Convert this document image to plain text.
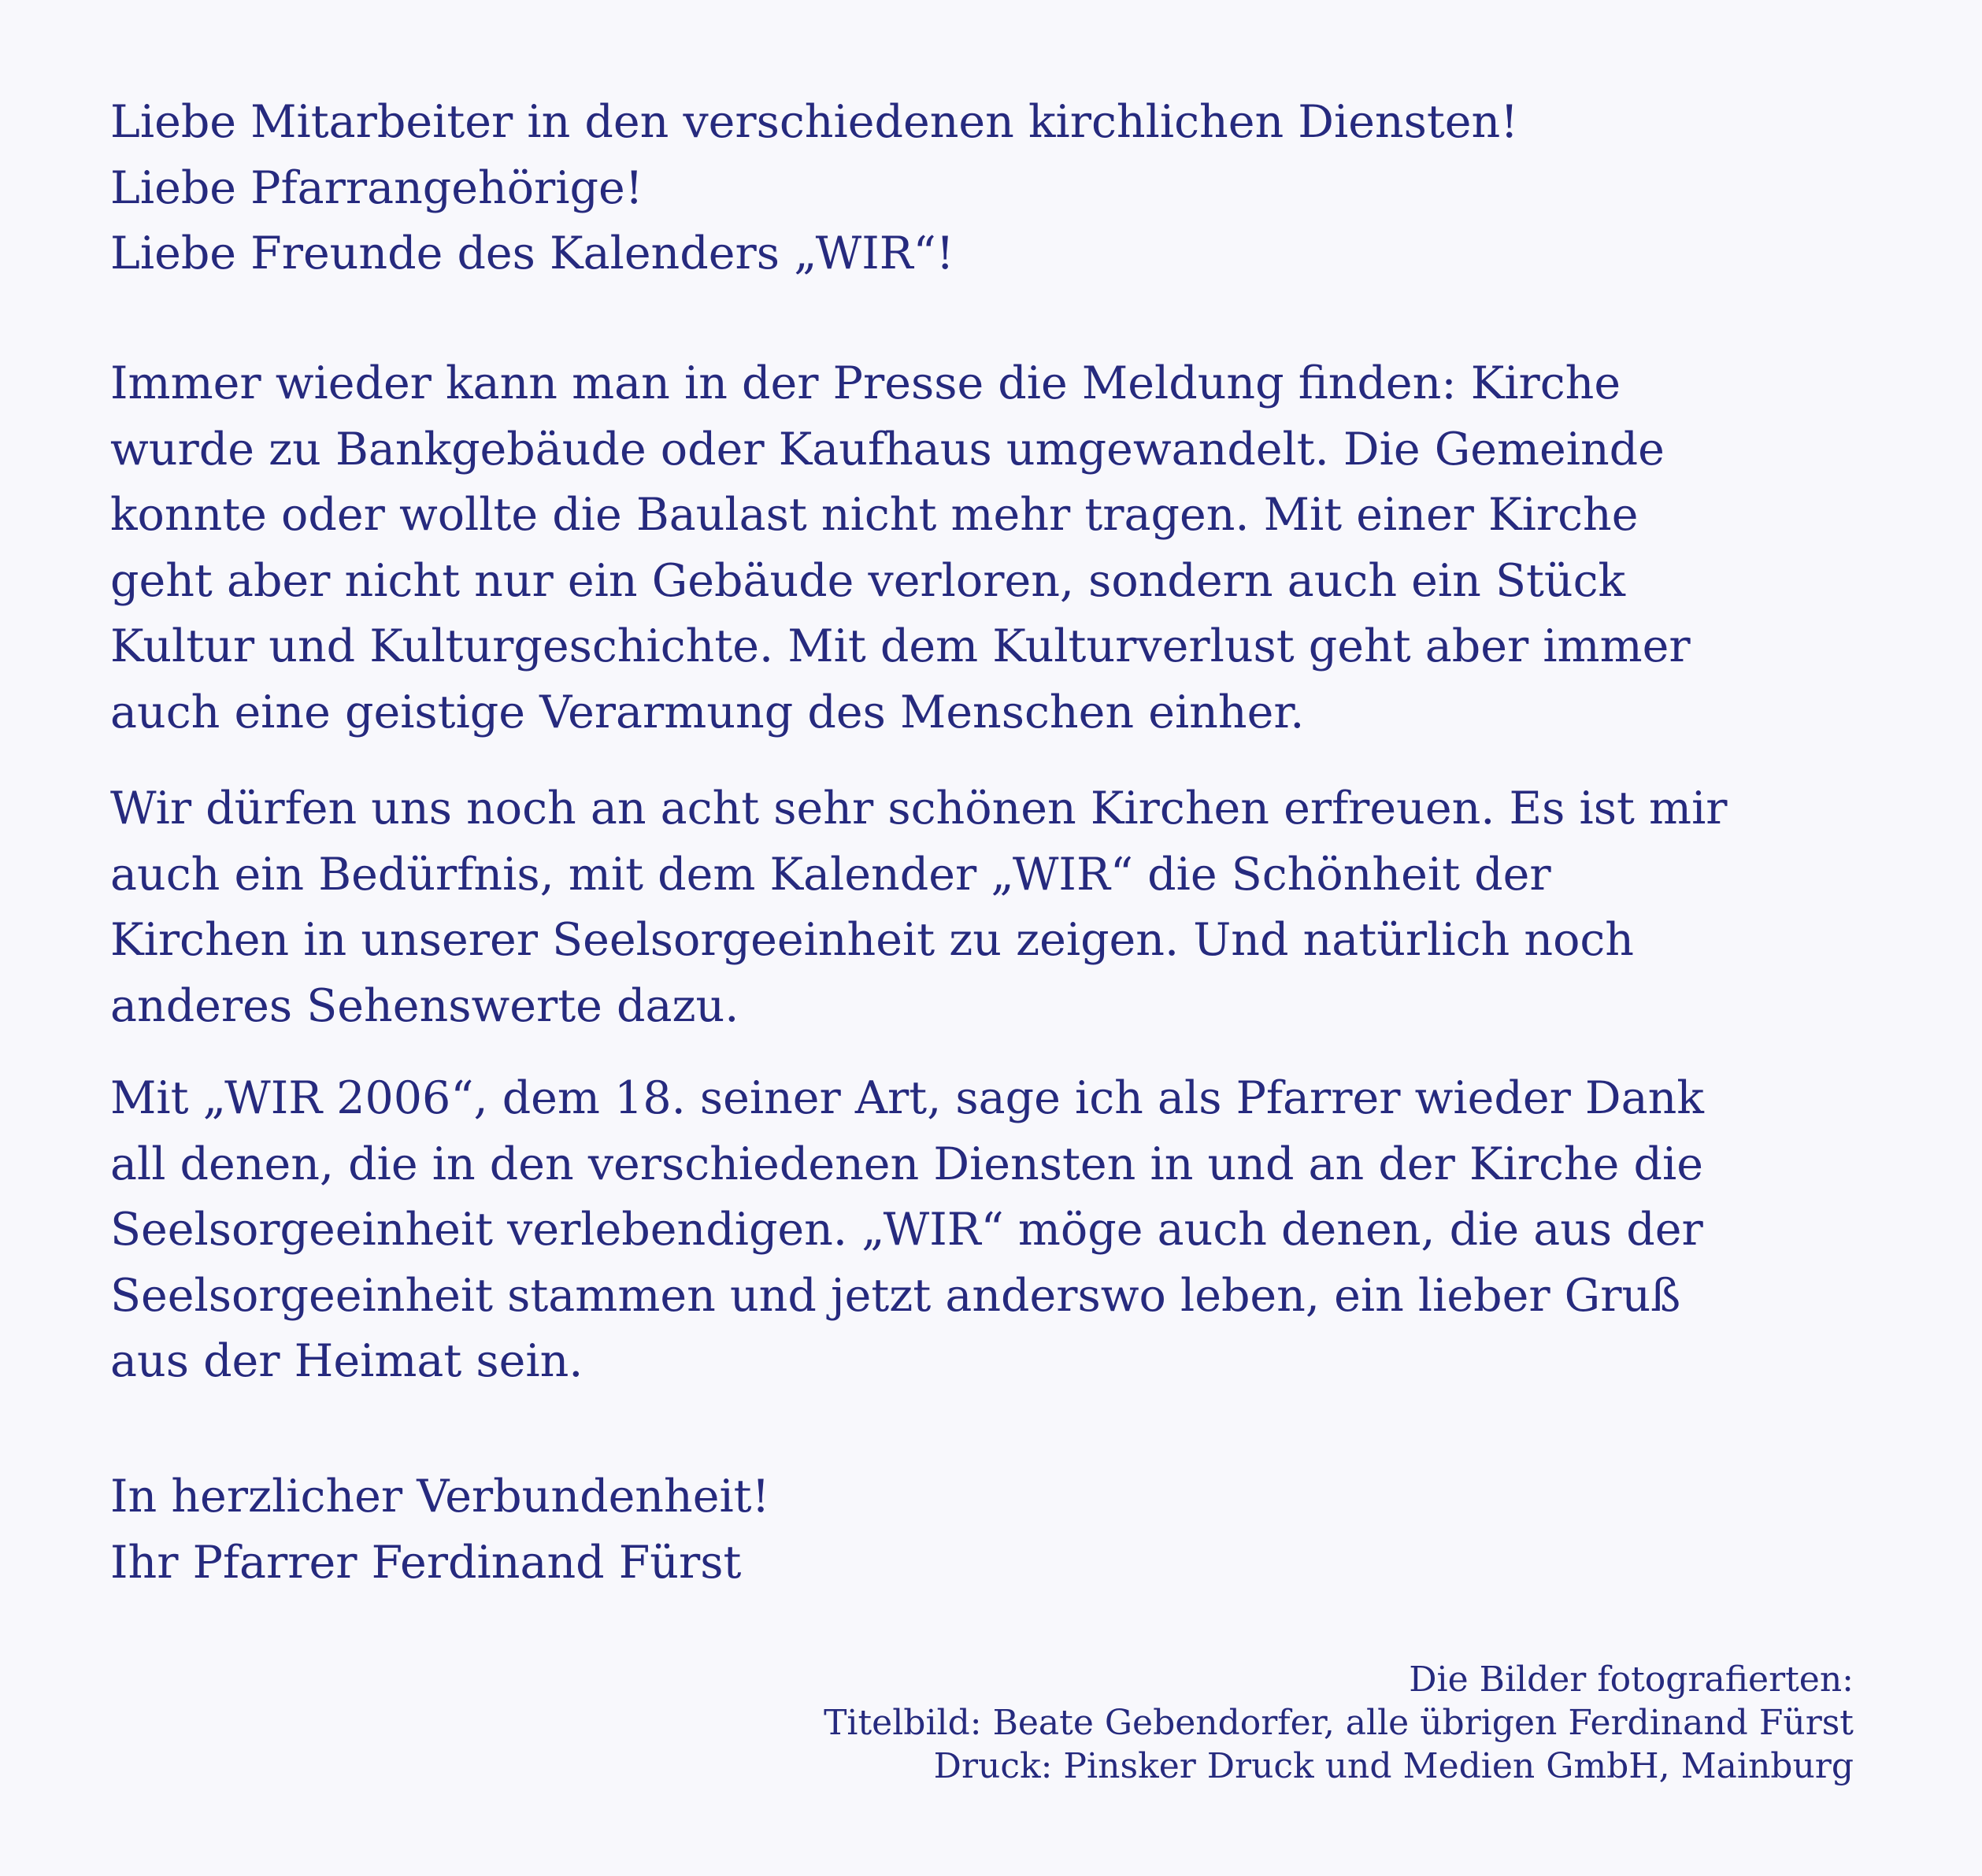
Liebe Mitarbeiter in den verschiedenen kirchlichen Diensten!
Liebe Pfarrangehörige!
Liebe Freunde des Kalenders „WIR“!
Immer wieder kann man in der Presse die Meldung finden: Kirche
wurde zu Bankgebäude oder Kaufhaus umgewandelt. Die Gemeinde
konnte oder wollte die Baulast nicht mehr tragen. Mit einer Kirche
geht aber nicht nur ein Gebäude verloren, sondern auch ein Stück
Kultur und Kulturgeschichte. Mit dem Kulturverlust geht aber immer
auch eine geistige Verarmung des Menschen einher.
Wir dürfen uns noch an acht sehr schönen Kirchen erfreuen. Es ist mir
auch ein Bedürfnis, mit dem Kalender „WIR“ die Schönheit der
Kirchen in unserer Seelsorgeeinheit zu zeigen. Und natürlich noch
anderes Sehenswerte dazu.
Mit „WIR 2006“, dem 18. seiner Art, sage ich als Pfarrer wieder Dank
all denen, die in den verschiedenen Diensten in und an der Kirche die
Seelsorgeeinheit verlebendigen. „WIR“ möge auch denen, die aus der
Seelsorgeeinheit stammen und jetzt anderswo leben, ein lieber Gruß
aus der Heimat sein.
In herzlicher Verbundenheit!
Ihr Pfarrer Ferdinand Fürst
Die Bilder fotografierten:
Titelbild: Beate Gebendorfer, alle übrigen Ferdinand Fürst
Druck: Pinsker Druck und Medien GmbH, Mainburg
